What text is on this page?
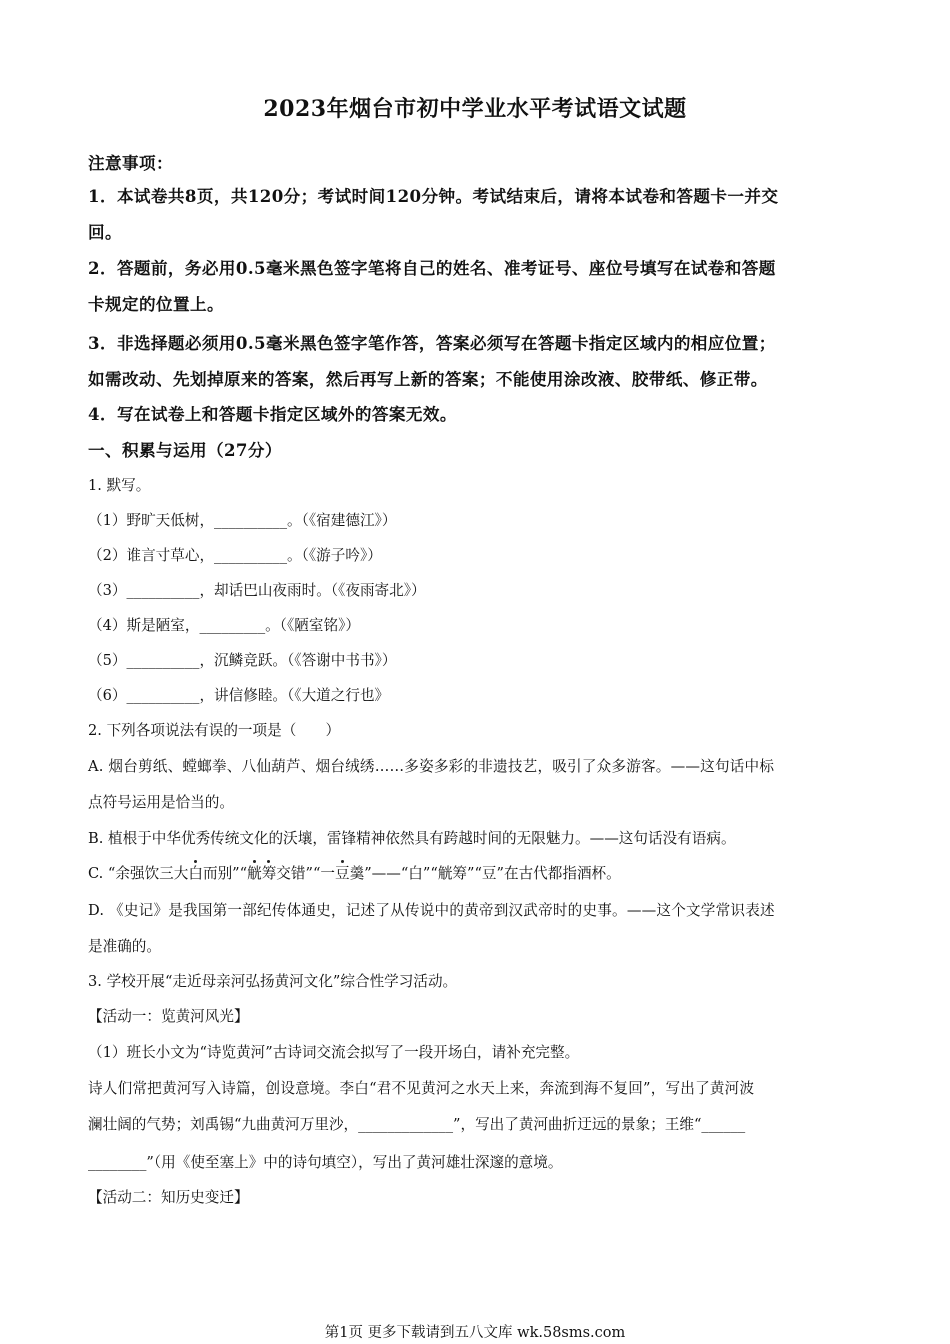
2023年烟台市初中学业水平考试语文试题
注意事项：
1．本试卷共8页，共120分；考试时间120分钟。考试结束后，请将本试卷和答题卡一并交
回。
2．答题前，务必用0.5毫米黑色签字笔将自己的姓名、准考证号、座位号填写在试卷和答题
卡规定的位置上。
3．非选择题必须用0.5毫米黑色签字笔作答，答案必须写在答题卡指定区域内的相应位置；
如需改动、先划掉原来的答案，然后再写上新的答案；不能使用涂改液、胶带纸、修正带。
4．写在试卷上和答题卡指定区域外的答案无效。
一、积累与运用（27分）
1. 默写。
（1）野旷天低树，__________。（《宿建德江》）
（2）谁言寸草心，__________。（《游子吟》）
（3）__________，却话巴山夜雨时。（《夜雨寄北》）
（4）斯是陋室，_________。（《陋室铭》）
（5）__________，沉鳞竞跃。（《答谢中书书》）
（6）__________，讲信修睦。（《大道之行也》
2. 下列各项说法有误的一项是（　　）
A. 烟台剪纸、螳螂拳、八仙葫芦、烟台绒绣……多姿多彩的非遗技艺，吸引了众多游客。——这句话中标
点符号运用是恰当的。
B. 植根于中华优秀传统文化的沃壤，雷锋精神依然具有跨越时间的无限魅力。——这句话没有语病。
C. “余强饮三大白而别”“觥筹交错”“一豆羹”——“白”“觥筹”“豆”在古代都指酒杯。
D. 《史记》是我国第一部纪传体通史，记述了从传说中的黄帝到汉武帝时的史事。——这个文学常识表述
是准确的。
3. 学校开展“走近母亲河弘扬黄河文化”综合性学习活动。
【活动一：览黄河风光】
（1）班长小文为“诗览黄河”古诗词交流会拟写了一段开场白，请补充完整。
诗人们常把黄河写入诗篇，创设意境。李白“君不见黄河之水天上来，奔流到海不复回”，写出了黄河波
澜壮阔的气势；刘禹锡“九曲黄河万里沙，_____________”，写出了黄河曲折迂远的景象；王维“______
________”（用《使至塞上》中的诗句填空），写出了黄河雄壮深邃的意境。
【活动二：知历史变迁】
第1页 更多下载请到五八文库 wk.58sms.com
